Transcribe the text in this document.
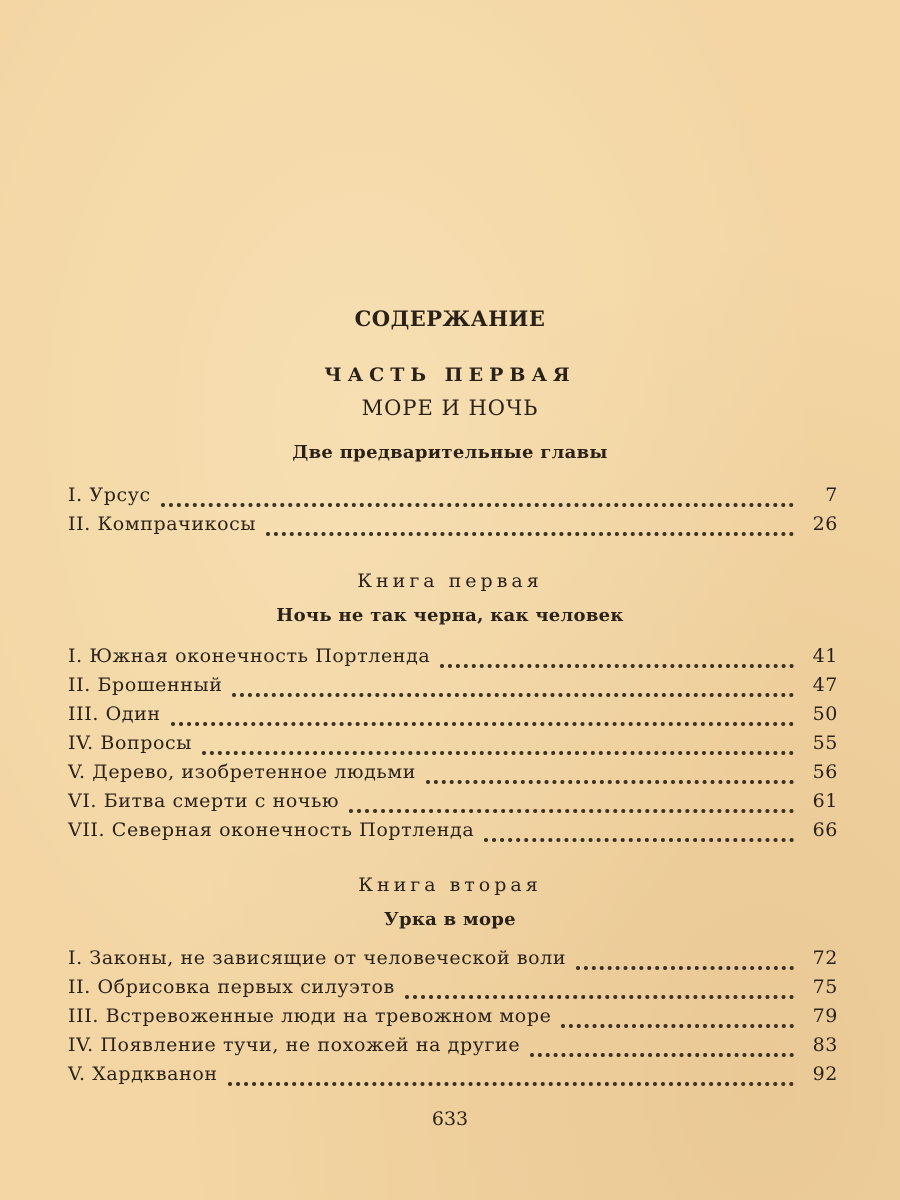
СОДЕРЖАНИЕ
ЧАСТЬ ПЕРВАЯ
МОРЕ И НОЧЬ
Две предварительные главы
I. Урсус	7
II. Компрачикосы	26
Книга первая
Ночь не так черна, как человек
I. Южная оконечность Портленда	41
II. Брошенный	47
III. Один	50
IV. Вопросы	55
V. Дерево, изобретенное людьми	56
VI. Битва смерти с ночью	61
VII. Северная оконечность Портленда	66
Книга вторая
Урка в море
I. Законы, не зависящие от человеческой воли	72
II. Обрисовка первых силуэтов	75
III. Встревоженные люди на тревожном море	79
IV. Появление тучи, не похожей на другие	83
V. Хардкванон	92
633
